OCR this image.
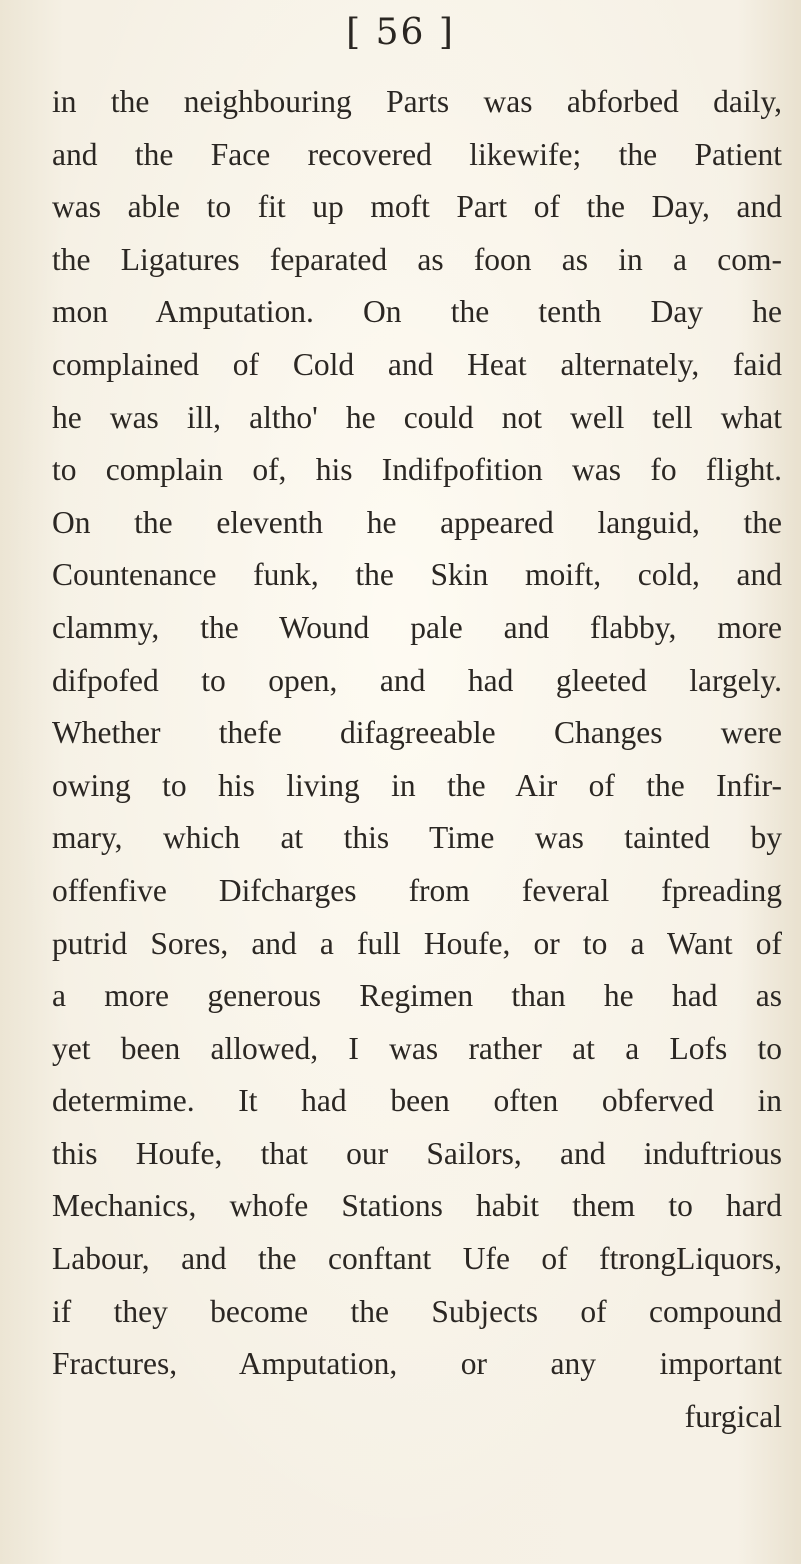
[ 56 ]
in the neighbouring Parts was abforbed daily,
and the Face recovered likewife; the Patient
was able to fit up moft Part of the Day, and
the Ligatures feparated as foon as in a com-
mon Amputation. On the tenth Day he
complained of Cold and Heat alternately, faid
he was ill, altho' he could not well tell what
to complain of, his Indifpofition was fo flight.
On the eleventh he appeared languid, the
Countenance funk, the Skin moift, cold, and
clammy, the Wound pale and flabby, more
difpofed to open, and had gleeted largely.
Whether thefe difagreeable Changes were
owing to his living in the Air of the Infir-
mary, which at this Time was tainted by
offenfive Difcharges from feveral fpreading
putrid Sores, and a full Houfe, or to a Want of
a more generous Regimen than he had as
yet been allowed, I was rather at a Lofs to
determime. It had been often obferved in
this Houfe, that our Sailors, and induftrious
Mechanics, whofe Stations habit them to hard
Labour, and the conftant Ufe of ftrongLiquors,
if they become the Subjects of compound
Fractures, Amputation, or any important
furgical
